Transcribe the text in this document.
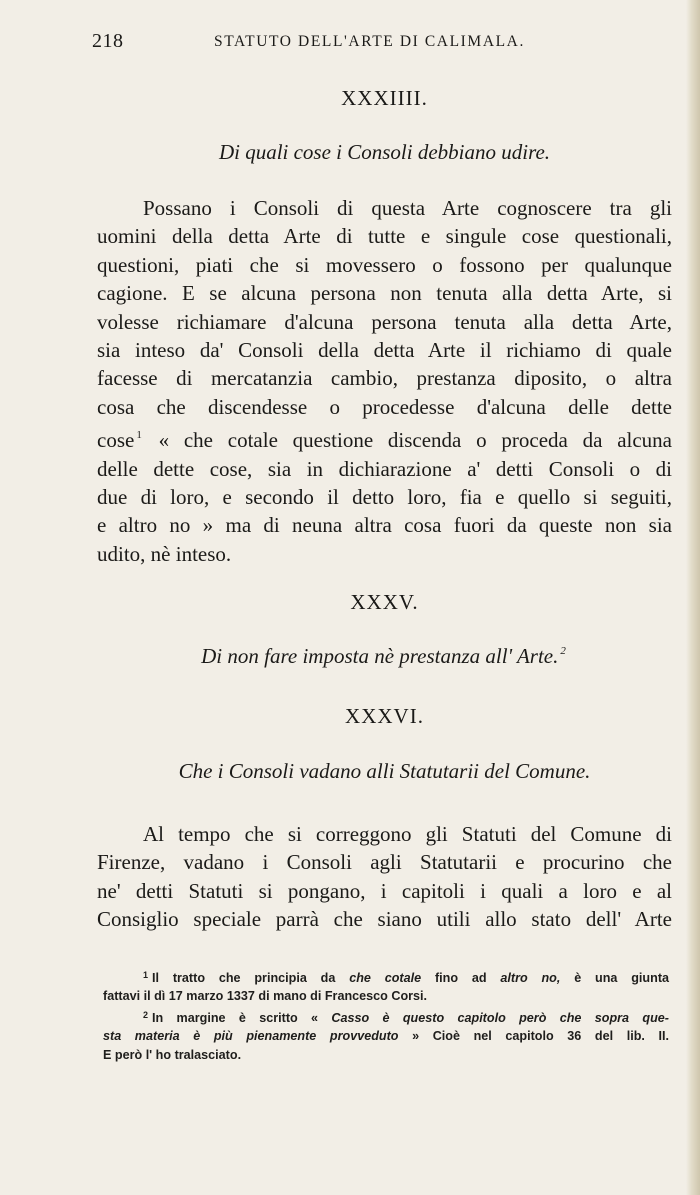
218	STATUTO DELL'ARTE DI CALIMALA.
XXXIIII.
Di quali cose i Consoli debbiano udire.
Possano i Consoli di questa Arte cognoscere tra gli
uomini della detta Arte di tutte e singule cose questionali,
questioni, piati che si movessero o fossono per qualunque
cagione. E se alcuna persona non tenuta alla detta Arte, si
volesse richiamare d'alcuna persona tenuta alla detta Arte,
sia inteso da' Consoli della detta Arte il richiamo di quale
facesse di mercatanzia cambio, prestanza diposito, o altra
cosa che discendesse o procedesse d'alcuna delle dette
cose $^1$ « che cotale questione discenda o proceda da alcuna
delle dette cose, sia in dichiarazione a' detti Consoli o di
due di loro, e secondo il detto loro, fia e quello si seguiti,
e altro no » ma di neuna altra cosa fuori da queste non sia
udito, nè inteso.
XXXV.
Di non fare imposta nè prestanza all' Arte. $^2$
XXXVI.
Che i Consoli vadano alli Statutarii del Comune.
Al tempo che si correggono gli Statuti del Comune di
Firenze, vadano i Consoli agli Statutarii e procurino che
ne' detti Statuti si pongano, i capitoli i quali a loro e al
Consiglio speciale parrà che siano utili allo stato dell' Arte
$^1$ Il tratto che principia da che cotale fino ad altro no, è una giunta
fattavi il dì 17 marzo 1337 di mano di Francesco Corsi.
$^2$ In margine è scritto « Casso è questo capitolo però che sopra que-
sta materia è più pienamente provveduto » Cioè nel capitolo 36 del lib. II.
E però l' ho tralasciato.
